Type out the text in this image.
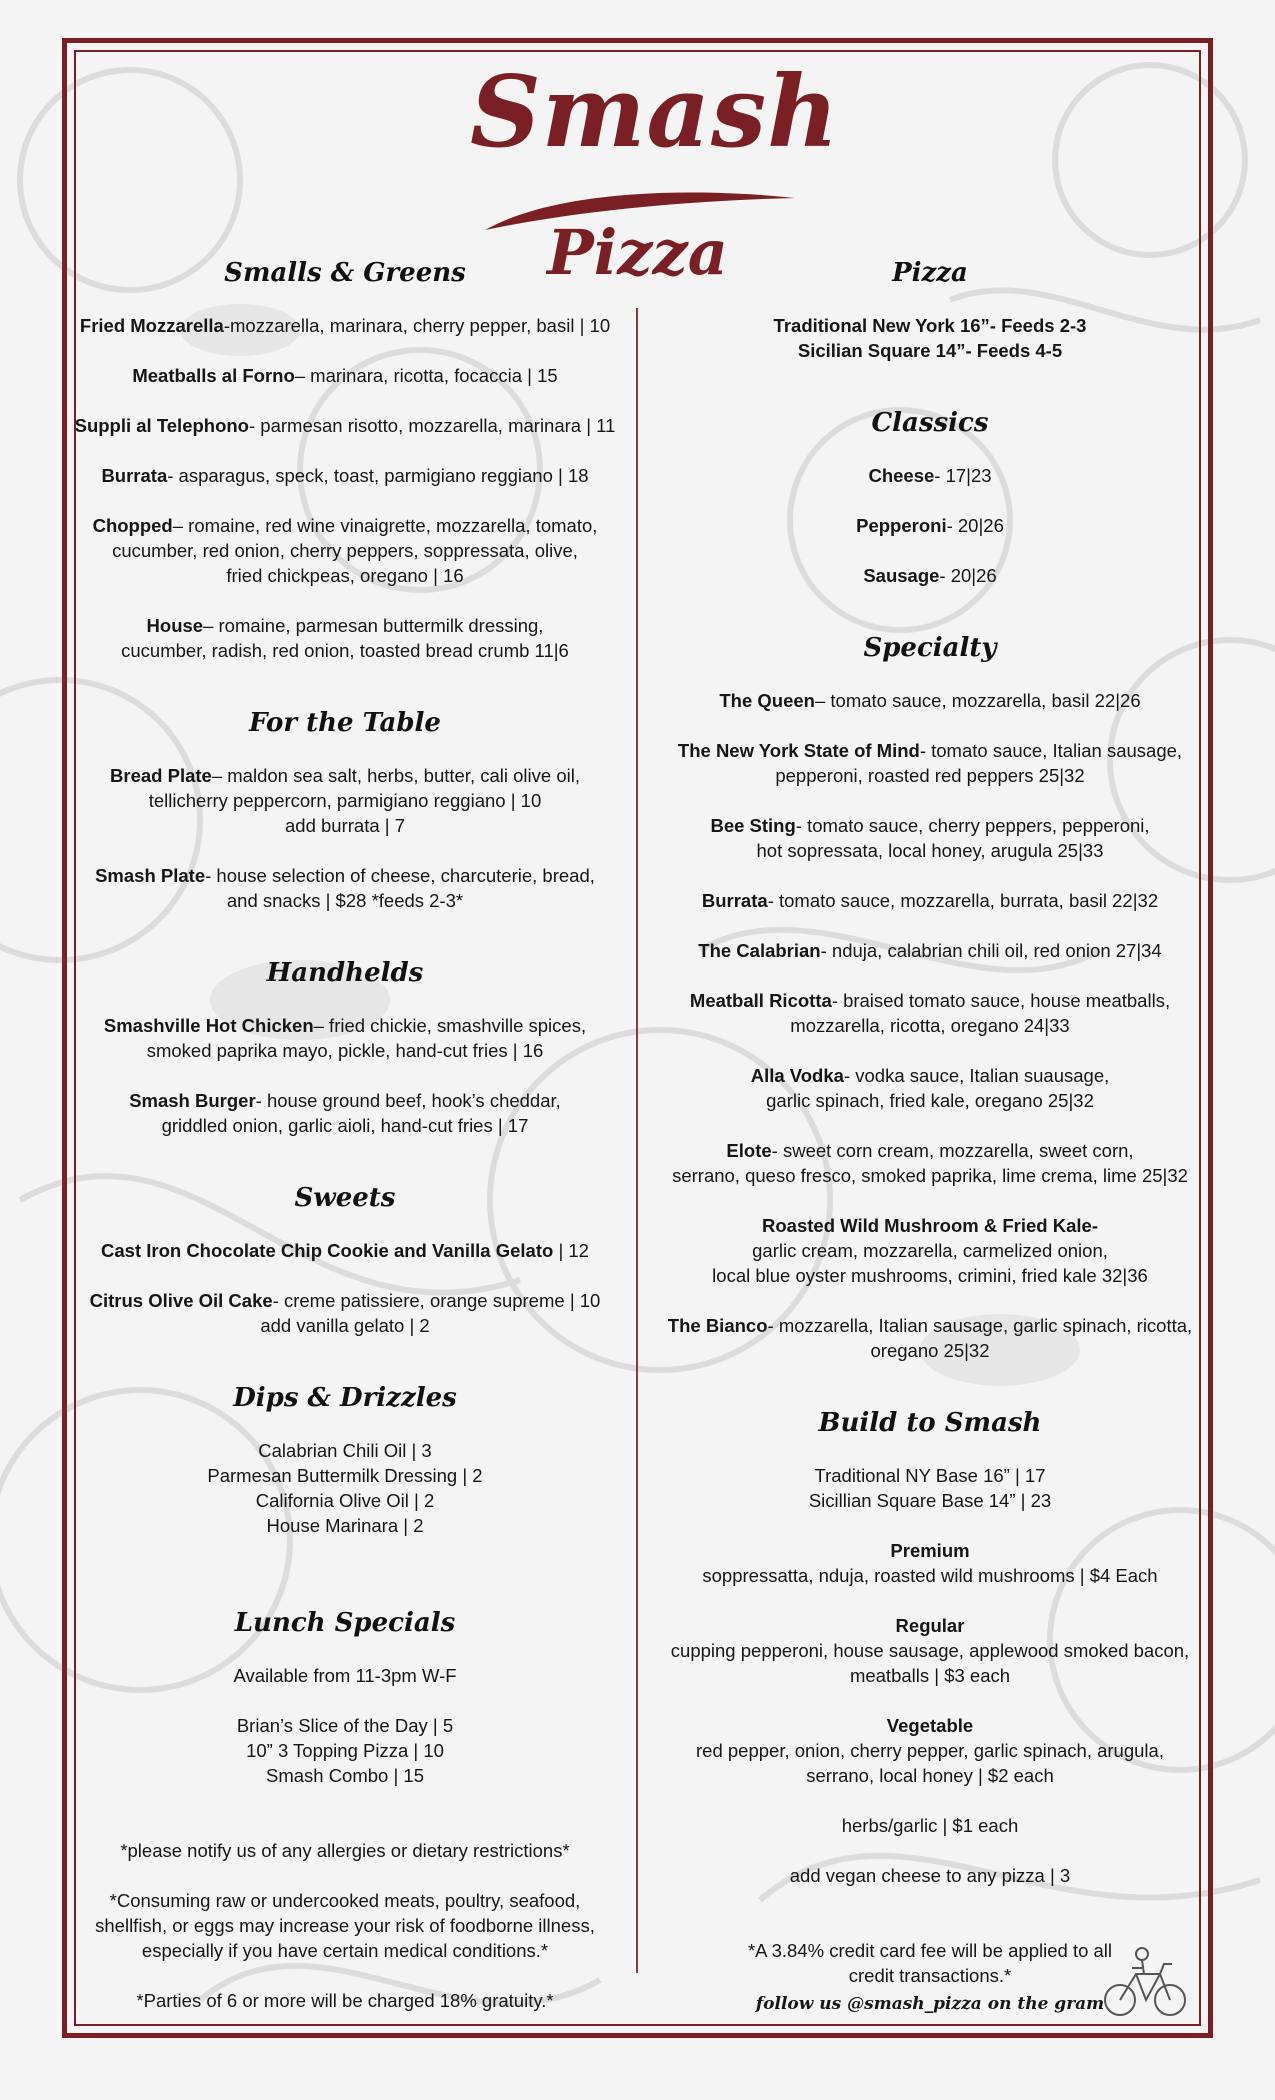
Smash
Pizza
Smalls & Greens
Fried Mozzarella-mozzarella, marinara, cherry pepper, basil | 10
Meatballs al Forno– marinara, ricotta, focaccia | 15
Suppli al Telephono- parmesan risotto, mozzarella, marinara | 11
Burrata- asparagus, speck, toast, parmigiano reggiano | 18
Chopped– romaine, red wine vinaigrette, mozzarella, tomato,
cucumber, red onion, cherry peppers, soppressata, olive,
fried chickpeas, oregano | 16
House– romaine, parmesan buttermilk dressing,
cucumber, radish, red onion, toasted bread crumb 11|6
For the Table
Bread Plate– maldon sea salt, herbs, butter, cali olive oil,
tellicherry peppercorn, parmigiano reggiano | 10
add burrata | 7
Smash Plate- house selection of cheese, charcuterie, bread,
and snacks | $28 *feeds 2-3*
Handhelds
Smashville Hot Chicken– fried chickie, smashville spices,
smoked paprika mayo, pickle, hand-cut fries | 16
Smash Burger- house ground beef, hook’s cheddar,
griddled onion, garlic aioli, hand-cut fries | 17
Sweets
Cast Iron Chocolate Chip Cookie and Vanilla Gelato | 12
Citrus Olive Oil Cake- creme patissiere, orange supreme | 10
add vanilla gelato | 2
Dips & Drizzles
Calabrian Chili Oil | 3
Parmesan Buttermilk Dressing | 2
California Olive Oil | 2
House Marinara | 2
Lunch Specials
Available from 11-3pm W-F
Brian’s Slice of the Day | 5
10” 3 Topping Pizza | 10
Smash Combo | 15
*please notify us of any allergies or dietary restrictions*
*Consuming raw or undercooked meats, poultry, seafood,
shellfish, or eggs may increase your risk of foodborne illness,
especially if you have certain medical conditions.*
*Parties of 6 or more will be charged 18% gratuity.*
Pizza
Traditional New York 16”- Feeds 2-3
Sicilian Square 14”- Feeds 4-5
Classics
Cheese- 17|23
Pepperoni- 20|26
Sausage- 20|26
Specialty
The Queen– tomato sauce, mozzarella, basil 22|26
The New York State of Mind- tomato sauce, Italian sausage,
pepperoni, roasted red peppers 25|32
Bee Sting- tomato sauce, cherry peppers, pepperoni,
hot sopressata, local honey, arugula 25|33
Burrata- tomato sauce, mozzarella, burrata, basil 22|32
The Calabrian- nduja, calabrian chili oil, red onion 27|34
Meatball Ricotta- braised tomato sauce, house meatballs,
mozzarella, ricotta, oregano 24|33
Alla Vodka- vodka sauce, Italian suausage,
garlic spinach, fried kale, oregano 25|32
Elote- sweet corn cream, mozzarella, sweet corn,
serrano, queso fresco, smoked paprika, lime crema, lime 25|32
Roasted Wild Mushroom & Fried Kale-
garlic cream, mozzarella, carmelized onion,
local blue oyster mushrooms, crimini, fried kale 32|36
The Bianco- mozzarella, Italian sausage, garlic spinach, ricotta,
oregano 25|32
Build to Smash
Traditional NY Base 16” | 17
Sicillian Square Base 14” | 23
Premium
soppressatta, nduja, roasted wild mushrooms | $4 Each
Regular
cupping pepperoni, house sausage, applewood smoked bacon,
meatballs | $3 each
Vegetable
red pepper, onion, cherry pepper, garlic spinach, arugula,
serrano, local honey | $2 each
herbs/garlic | $1 each
add vegan cheese to any pizza | 3
*A 3.84% credit card fee will be applied to all
credit transactions.*
follow us @smash_pizza on the gram
